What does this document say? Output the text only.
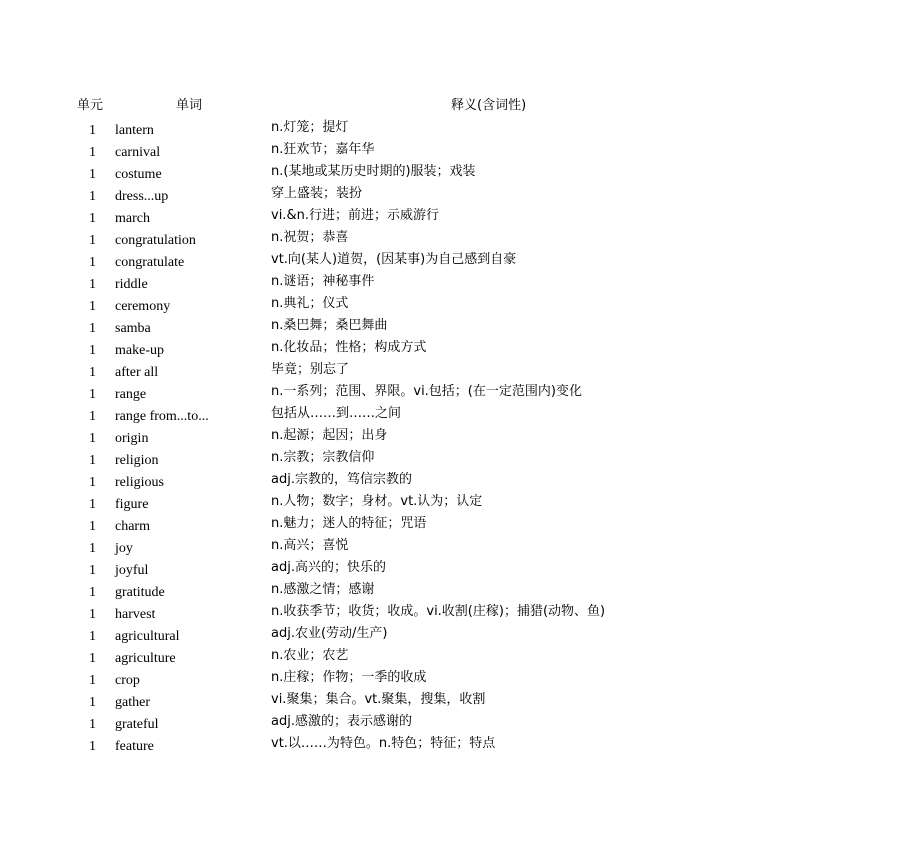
单元	单词	释义(含词性)
1 lantern	n.灯笼；提灯
1 carnival	n.狂欢节；嘉年华
1 costume	n.(某地或某历史时期的)服装；戏装
1 dress...up	穿上盛装；装扮
1 march	vi.&n.行进；前进；示威游行
1 congratulation	n.祝贺；恭喜
1 congratulate	vt.向(某人)道贺，(因某事)为自己感到自豪
1 riddle	n.谜语；神秘事件
1 ceremony	n.典礼；仪式
1 samba	n.桑巴舞；桑巴舞曲
1 make-up	n.化妆品；性格；构成方式
1 after all	毕竟；别忘了
1 range	n.一系列；范围、界限。vi.包括；(在一定范围内)变化
1 range from...to...	包括从……到……之间
1 origin	n.起源；起因；出身
1 religion	n.宗教；宗教信仰
1 religious	adj.宗教的，笃信宗教的
1 figure	n.人物；数字；身材。vt.认为；认定
1 charm	n.魅力；迷人的特征；咒语
1 joy	n.高兴；喜悦
1 joyful	adj.高兴的；快乐的
1 gratitude	n.感激之情；感谢
1 harvest	n.收获季节；收货；收成。vi.收割(庄稼)；捕猎(动物、鱼)
1 agricultural	adj.农业(劳动/生产)
1 agriculture	n.农业；农艺
1 crop	n.庄稼；作物；一季的收成
1 gather	vi.聚集；集合。vt.聚集，搜集，收割
1 grateful	adj.感激的；表示感谢的
1 feature	vt.以……为特色。n.特色；特征；特点
